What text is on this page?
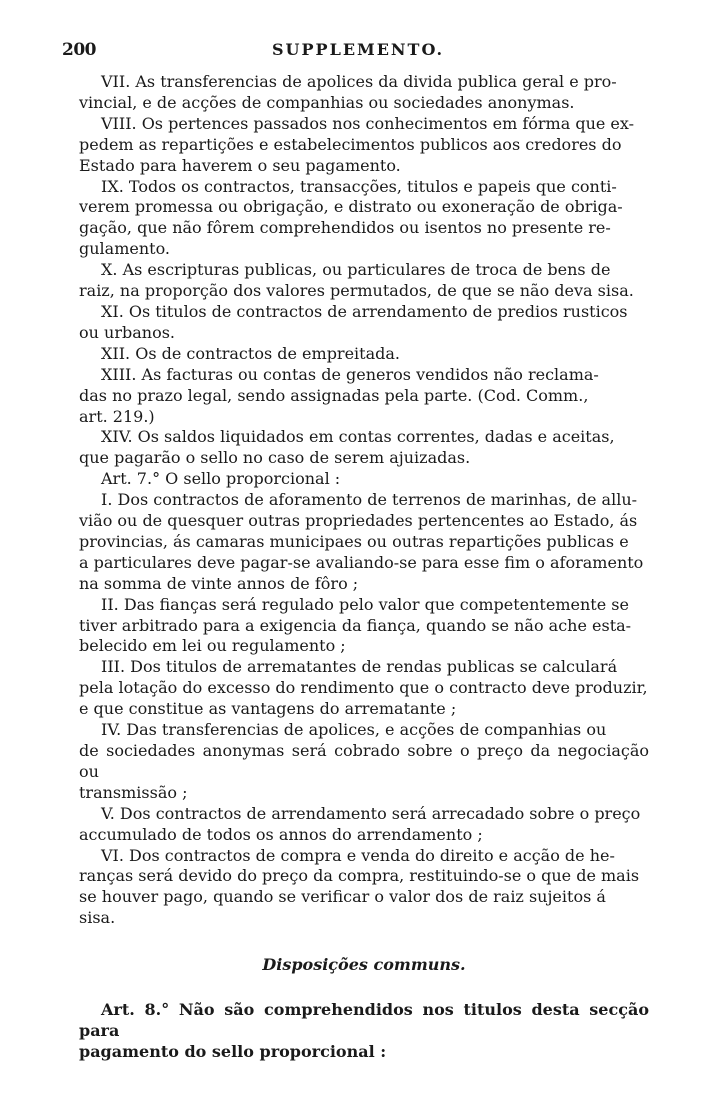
200	SUPPLEMENTO.

VII. As transferencias de apolices da divida publica geral e pro-
vincial, e de acções de companhias ou sociedades anonymas.

VIII. Os pertences passados nos conhecimentos em fórma que ex-
pedem as repartições e estabelecimentos publicos aos credores do
Estado para haverem o seu pagamento.

IX. Todos os contractos, transacções, titulos e papeis que conti-
verem promessa ou obrigação, e distrato ou exoneração de obriga-
gação, que não fôrem comprehendidos ou isentos no presente re-
gulamento.

X. As escripturas publicas, ou particulares de troca de bens de
raiz, na proporção dos valores permutados, de que se não deva sisa.

XI. Os titulos de contractos de arrendamento de predios rusticos
ou urbanos.

XII. Os de contractos de empreitada.

XIII. As facturas ou contas de generos vendidos não reclama-
das no prazo legal, sendo assignadas pela parte. (Cod. Comm.,
art. 219.)

XIV. Os saldos liquidados em contas correntes, dadas e aceitas,
que pagarão o sello no caso de serem ajuizadas.

Art. 7.° O sello proporcional :

I. Dos contractos de aforamento de terrenos de marinhas, de allu-
vião ou de quesquer outras propriedades pertencentes ao Estado, ás
provincias, ás camaras municipaes ou outras repartições publicas e
a particulares deve pagar-se avaliando-se para esse fim o aforamento
na somma de vinte annos de fôro ;

II. Das fianças será regulado pelo valor que competentemente se
tiver arbitrado para a exigencia da fiança, quando se não ache esta-
belecido em lei ou regulamento ;

III. Dos titulos de arrematantes de rendas publicas se calculará
pela lotação do excesso do rendimento que o contracto deve produzir,
e que constitue as vantagens do arrematante ;

IV. Das transferencias de apolices, e acções de companhias ou
de sociedades anonymas será cobrado sobre o preço da negociação ou
transmissão ;

V. Dos contractos de arrendamento será arrecadado sobre o preço
accumulado de todos os annos do arrendamento ;

VI. Dos contractos de compra e venda do direito e acção de he-
ranças será devido do preço da compra, restituindo-se o que de mais
se houver pago, quando se verificar o valor dos de raiz sujeitos á
sisa.

Disposições communs.

Art. 8.° Não são comprehendidos nos titulos desta secção para
pagamento do sello proporcional :
